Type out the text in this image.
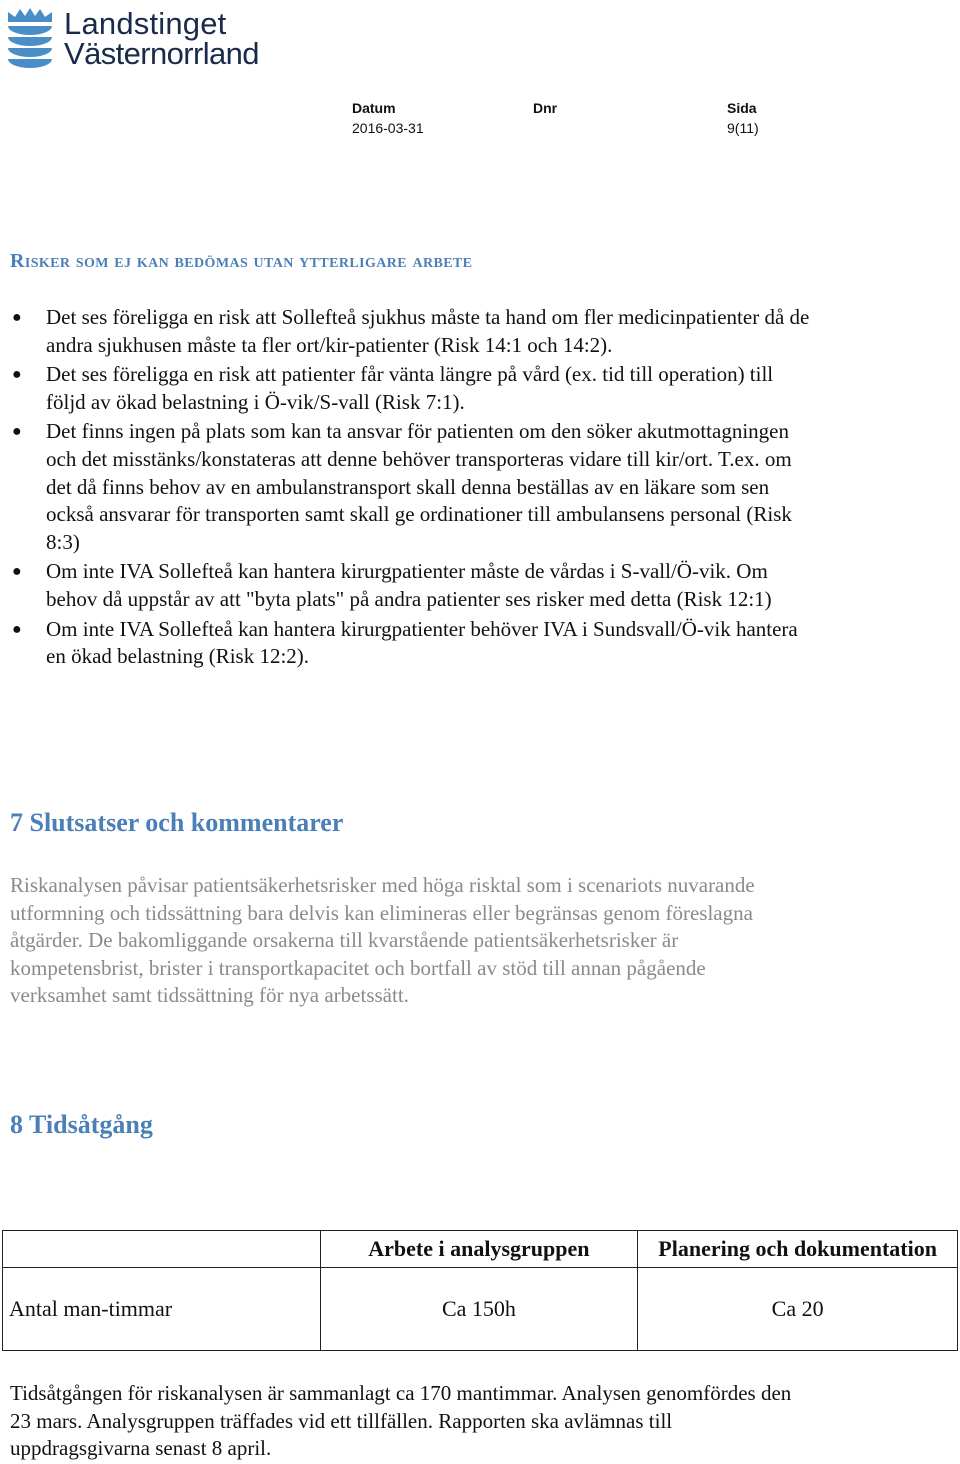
Landstinget
Västernorrland
Datum
2016-03-31
Dnr	Sida
9(11)
Risker som ej kan bedömas utan ytterligare arbete
● Det ses föreligga en risk att Sollefteå sjukhus måste ta hand om fler medicinpatienter då de andra sjukhusen måste ta fler ort/kir-patienter (Risk 14:1 och 14:2).
● Det ses föreligga en risk att patienter får vänta längre på vård (ex. tid till operation) till följd av ökad belastning i Ö-vik/S-vall (Risk 7:1).
● Det finns ingen på plats som kan ta ansvar för patienten om den söker akutmottagningen och det misstänks/konstateras att denne behöver transporteras vidare till kir/ort. T.ex. om det då finns behov av en ambulanstransport skall denna beställas av en läkare som sen också ansvarar för transporten samt skall ge ordinationer till ambulansens personal (Risk 8:3)
● Om inte IVA Sollefteå kan hantera kirurgpatienter måste de vårdas i S-vall/Ö-vik. Om behov då uppstår av att "byta plats" på andra patienter ses risker med detta (Risk 12:1)
● Om inte IVA Sollefteå kan hantera kirurgpatienter behöver IVA i Sundsvall/Ö-vik hantera en ökad belastning (Risk 12:2).
7 Slutsatser och kommentarer

Riskanalysen påvisar patientsäkerhetsrisker med höga risktal som i scenariots nuvarande utformning och tidssättning bara delvis kan elimineras eller begränsas genom föreslagna åtgärder. De bakomliggande orsakerna till kvarstående patientsäkerhetsrisker är kompetensbrist, brister i transportkapacitet och bortfall av stöd till annan pågående verksamhet samt tidssättning för nya arbetssätt.

8 Tidsåtgång
	Arbete i analysgruppen	Planering och dokumentation
Antal man-timmar	Ca 150h	Ca 20

Tidsåtgången för riskanalysen är sammanlagt ca 170 mantimmar. Analysen genomfördes den 23 mars. Analysgruppen träffades vid ett tillfällen. Rapporten ska avlämnas till uppdragsgivarna senast 8 april.
